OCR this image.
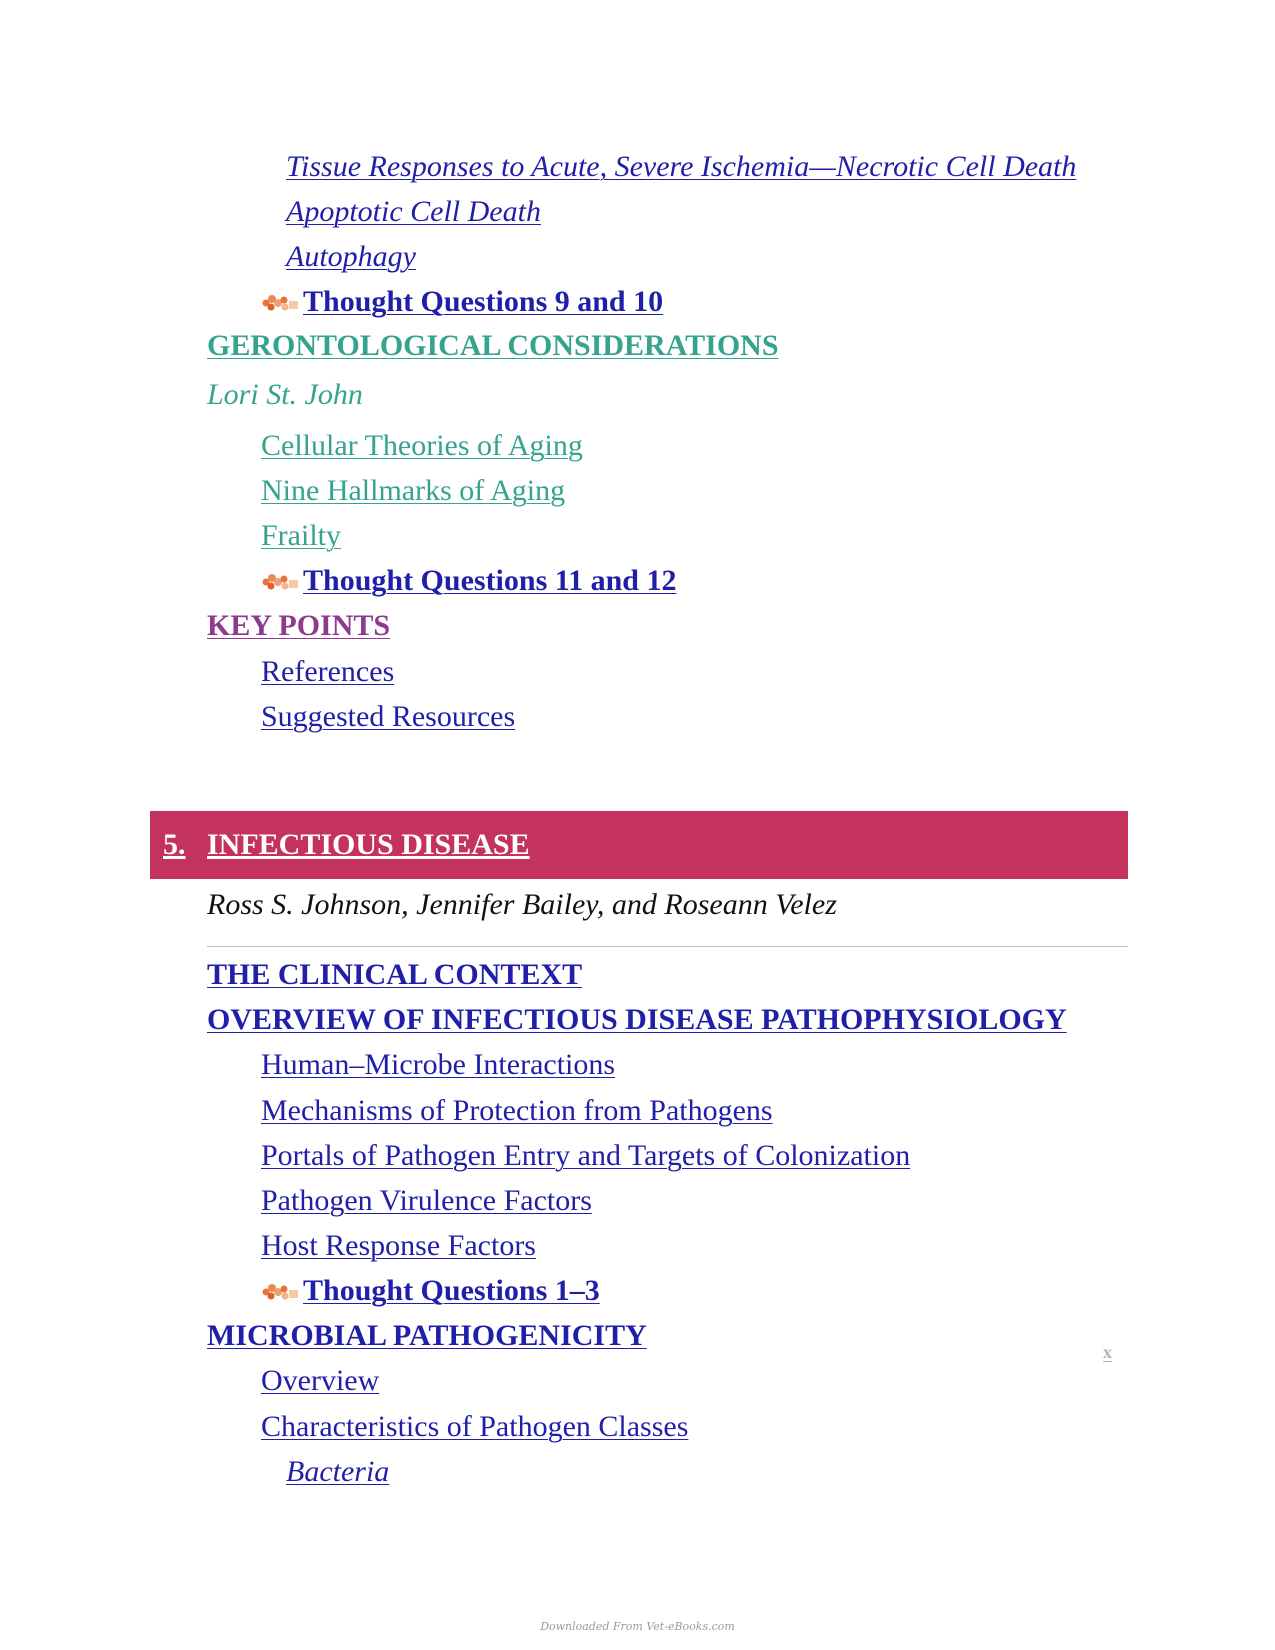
Tissue Responses to Acute, Severe Ischemia—Necrotic Cell Death
Apoptotic Cell Death
Autophagy
Thought Questions 9 and 10
GERONTOLOGICAL CONSIDERATIONS
Lori St. John
Cellular Theories of Aging
Nine Hallmarks of Aging
Frailty
Thought Questions 11 and 12
KEY POINTS
References
Suggested Resources
5. INFECTIOUS DISEASE
Ross S. Johnson, Jennifer Bailey, and Roseann Velez
THE CLINICAL CONTEXT
OVERVIEW OF INFECTIOUS DISEASE PATHOPHYSIOLOGY
Human–Microbe Interactions
Mechanisms of Protection from Pathogens
Portals of Pathogen Entry and Targets of Colonization
Pathogen Virulence Factors
Host Response Factors
Thought Questions 1–3
MICROBIAL PATHOGENICITY	x
Overview
Characteristics of Pathogen Classes
Bacteria
Downloaded From Vet-eBooks.com
